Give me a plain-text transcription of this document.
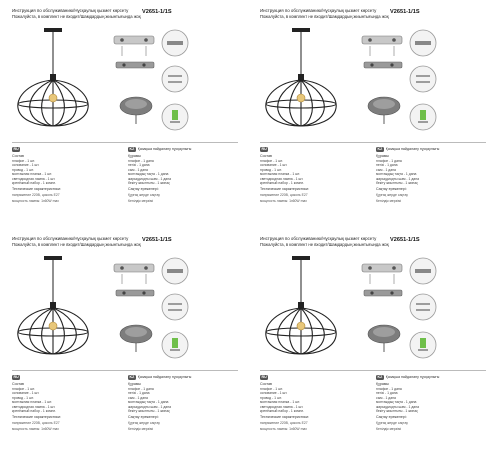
Инструкция по обслуживанию/Нұсқаулық қызмет көрсету
Пожалуйста, в комплект не входит/Шамдардың жиынтығында жоқ
V2651-1/1S
RU
Состав
плафон - 1 шт.
основание - 1 шт.
провод - 1 шт.
монтажная планка - 1 шт.
светодиодная лампа - 1 шт.
крепёжный набор - 1 компл.
Технические характеристики:
напряжение 220В, цоколь E27
мощность лампы: 1x60W max
KZ Қазақша пайдалану нұсқаулығы
Құрамы
плафон - 1 дана
негізі - 1 дана
сым - 1 дана
монтаждық тақта - 1 дана
жарықдиодты шам - 1 дана
бекіту жиынтығы - 1 жинақ
Сақтау ережелері:
Құрғақ жерде сақтау
Кепілдік мерзімі
Инструкция по обслуживанию/Нұсқаулық қызмет көрсету
Пожалуйста, в комплект не входит/Шамдардың жиынтығында жоқ
V2651-1/1S
RU
Состав
плафон - 1 шт.
основание - 1 шт.
провод - 1 шт.
монтажная планка - 1 шт.
светодиодная лампа - 1 шт.
крепёжный набор - 1 компл.
Технические характеристики:
напряжение 220В, цоколь E27
мощность лампы: 1x60W max
KZ Қазақша пайдалану нұсқаулығы
Құрамы
плафон - 1 дана
негізі - 1 дана
сым - 1 дана
монтаждық тақта - 1 дана
жарықдиодты шам - 1 дана
бекіту жиынтығы - 1 жинақ
Сақтау ережелері:
Құрғақ жерде сақтау
Кепілдік мерзімі
Инструкция по обслуживанию/Нұсқаулық қызмет көрсету
Пожалуйста, в комплект не входит/Шамдардың жиынтығында жоқ
V2651-1/1S
RU
Состав
плафон - 1 шт.
основание - 1 шт.
провод - 1 шт.
монтажная планка - 1 шт.
светодиодная лампа - 1 шт.
крепёжный набор - 1 компл.
Технические характеристики:
напряжение 220В, цоколь E27
мощность лампы: 1x60W max
KZ Қазақша пайдалану нұсқаулығы
Құрамы
плафон - 1 дана
негізі - 1 дана
сым - 1 дана
монтаждық тақта - 1 дана
жарықдиодты шам - 1 дана
бекіту жиынтығы - 1 жинақ
Сақтау ережелері:
Құрғақ жерде сақтау
Кепілдік мерзімі
Инструкция по обслуживанию/Нұсқаулық қызмет көрсету
Пожалуйста, в комплект не входит/Шамдардың жиынтығында жоқ
V2651-1/1S
RU
Состав
плафон - 1 шт.
основание - 1 шт.
провод - 1 шт.
монтажная планка - 1 шт.
светодиодная лампа - 1 шт.
крепёжный набор - 1 компл.
Технические характеристики:
напряжение 220В, цоколь E27
мощность лампы: 1x60W max
KZ Қазақша пайдалану нұсқаулығы
Құрамы
плафон - 1 дана
негізі - 1 дана
сым - 1 дана
монтаждық тақта - 1 дана
жарықдиодты шам - 1 дана
бекіту жиынтығы - 1 жинақ
Сақтау ережелері:
Құрғақ жерде сақтау
Кепілдік мерзімі
